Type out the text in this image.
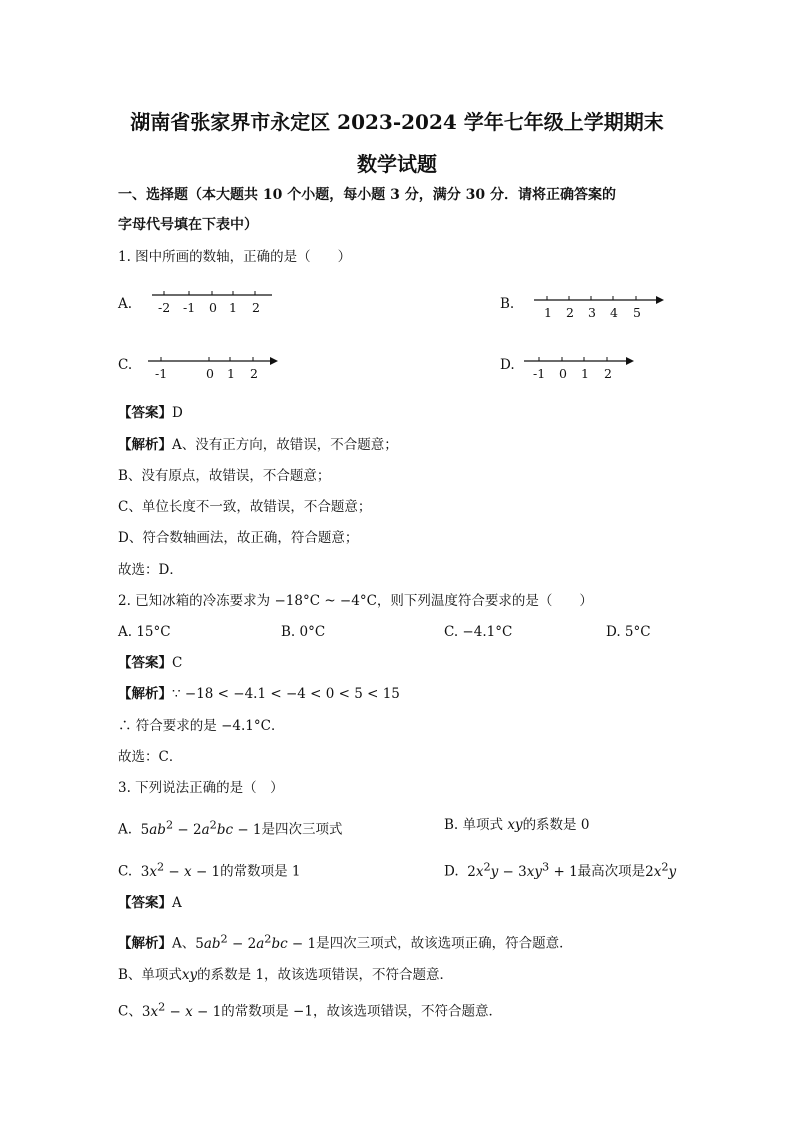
湖南省张家界市永定区 2023-2024 学年七年级上学期期末
数学试题
一、选择题（本大题共 10 个小题，每小题 3 分，满分 30 分．请将正确答案的
字母代号填在下表中）
1. 图中所画的数轴，正确的是（　　）
A. -2 -1 0 1 2	B.
1 2 3 4 5
C.
-1	0 1 2
D.
-1 0 1 2
【答案】D
【解析】A、没有正方向，故错误，不合题意；
B、没有原点，故错误，不合题意；
C、单位长度不一致，故错误，不合题意；
D、符合数轴画法，故正确，符合题意；
故选：D．
2. 已知冰箱的冷冻要求为 −18°C ~ −4°C，则下列温度符合要求的是（　　）
A. 15°C	B. 0°C	C. −4.1°C	D. 5°C
【答案】C
【解析】∵ −18 < −4.1 < −4 < 0 < 5 < 15
∴ 符合要求的是 −4.1°C．
故选：C．
3. 下列说法正确的是（　）
A. $5ab^2 - 2a^2bc - 1$是四次三项式	B. 单项式 xy的系数是 0
C. $3x^2 - x - 1$的常数项是 1	D. $2x^2y - 3xy^3 + 1$最高次项是$2x^2y$
【答案】A
【解析】A、$5ab^2 - 2a^2bc - 1$是四次三项式，故该选项正确，符合题意．
B、单项式xy的系数是 1，故该选项错误，不符合题意．
C、$3x^2 - x - 1$的常数项是 −1，故该选项错误，不符合题意．
